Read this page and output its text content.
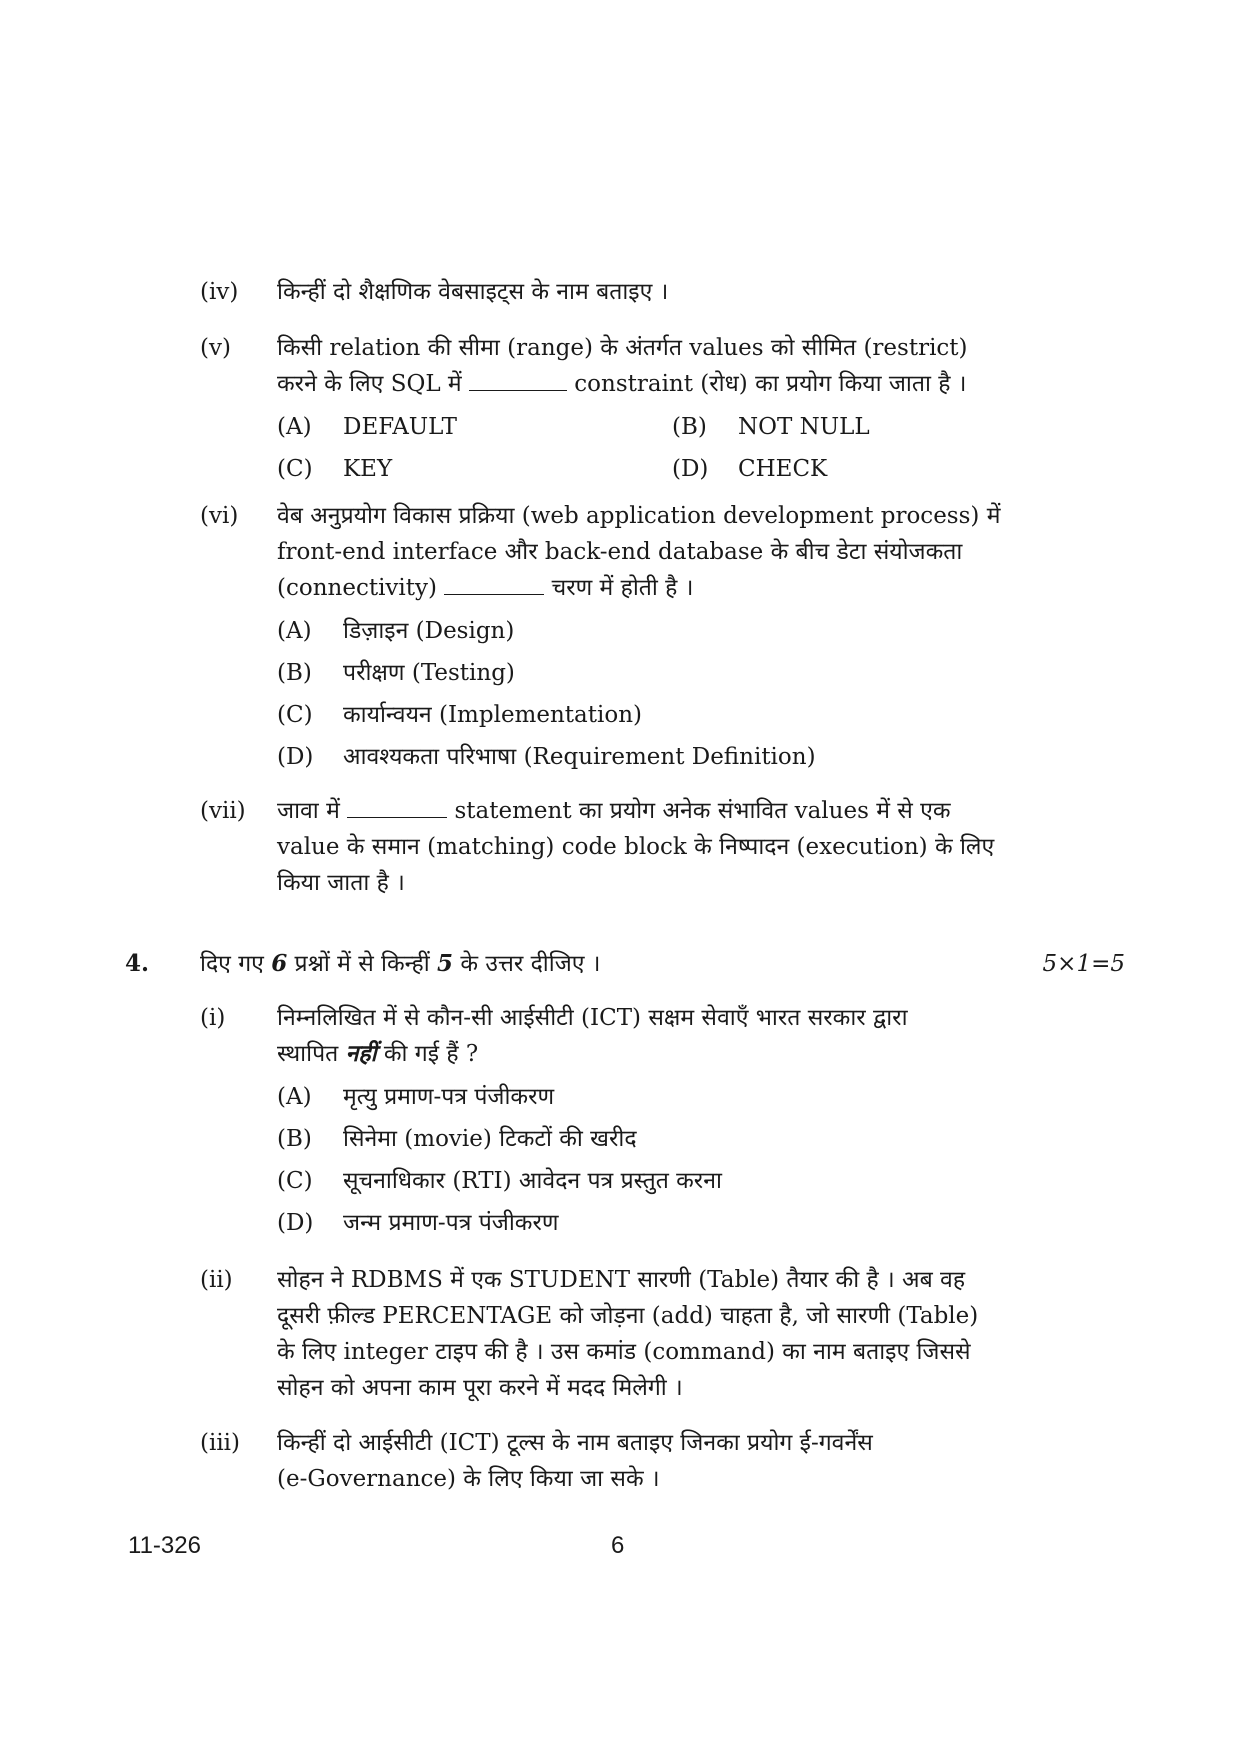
(iv)	किन्हीं दो शैक्षणिक वेबसाइट्स के नाम बताइए ।

(v)	किसी relation की सीमा (range) के अंतर्गत values को सीमित (restrict)

करने के लिए SQL में	constraint (रोध) का प्रयोग किया जाता है ।

(A)	DEFAULT	(B)	NOT NULL
(C)	KEY	(D)	CHECK
(vi)	वेब अनुप्रयोग विकास प्रक्रिया (web application development process) में

front-end interface और back-end database के बीच डेटा संयोजकता

(connectivity)	चरण में होती है ।

(A)	डिज़ाइन (Design)
(B)	परीक्षण (Testing)
(C)	कार्यान्वयन (Implementation)
(D)	आवश्यकता परिभाषा (Requirement Definition)
(vii)	जावा में	statement का प्रयोग अनेक संभावित values में से एक

value के समान (matching) code block के निष्पादन (execution) के लिए

किया जाता है ।

4. दिए गए 6 प्रश्नों में से किन्हीं 5 के उत्तर दीजिए ।	5×1=5
(i)	निम्नलिखित में से कौन-सी आईसीटी (ICT) सक्षम सेवाएँ भारत सरकार द्वारा

स्थापित नहीं की गई हैं ?

(A)	मृत्यु प्रमाण-पत्र पंजीकरण
(B)	सिनेमा (movie) टिकटों की खरीद
(C)	सूचनाधिकार (RTI) आवेदन पत्र प्रस्तुत करना
(D)	जन्म प्रमाण-पत्र पंजीकरण
(ii)	सोहन ने RDBMS में एक STUDENT सारणी (Table) तैयार की है । अब वह

दूसरी फ़ील्ड PERCENTAGE को जोड़ना (add) चाहता है, जो सारणी (Table)

के लिए integer टाइप की है । उस कमांड (command) का नाम बताइए जिससे

सोहन को अपना काम पूरा करने में मदद मिलेगी ।

(iii)	किन्हीं दो आईसीटी (ICT) टूल्स के नाम बताइए जिनका प्रयोग ई-गवर्नेंस

(e-Governance) के लिए किया जा सके ।

11-326	6
